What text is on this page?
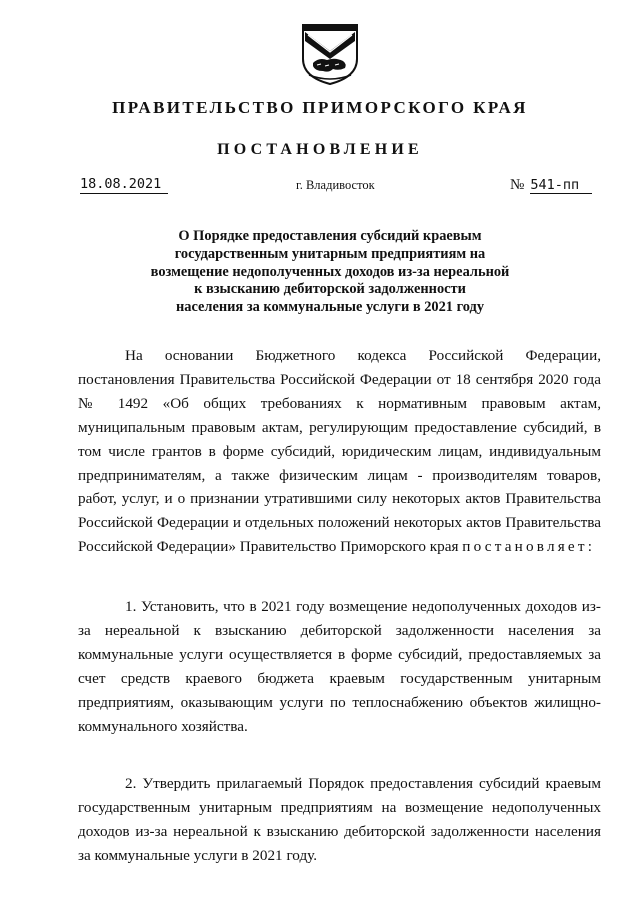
ПРАВИТЕЛЬСТВО ПРИМОРСКОГО КРАЯ
ПОСТАНОВЛЕНИЕ
18.08.2021	г. Владивосток	№ 541-пп
О Порядке предоставления субсидий краевым
государственным унитарным предприятиям на
возмещение недополученных доходов из-за нереальной
к взысканию дебиторской задолженности
населения за коммунальные услуги в 2021 году

На основании Бюджетного кодекса Российской Федерации, постановления Правительства Российской Федерации от 18 сентября 2020 года № 1492 «Об общих требованиях к нормативным правовым актам, муниципальным правовым актам, регулирующим предоставление субсидий, в том числе грантов в форме субсидий, юридическим лицам, индивидуальным предпринимателям, а также физическим лицам - производителям товаров, работ, услуг, и о признании утратившими силу некоторых актов Правительства Российской Федерации и отдельных положений некоторых актов Правительства Российской Федерации» Правительство Приморского края постановляет:

1. Установить, что в 2021 году возмещение недополученных доходов из-за нереальной к взысканию дебиторской задолженности населения за коммунальные услуги осуществляется в форме субсидий, предоставляемых за счет средств краевого бюджета краевым государственным унитарным предприятиям, оказывающим услуги по теплоснабжению объектов жилищно-коммунального хозяйства.

2. Утвердить прилагаемый Порядок предоставления субсидий краевым государственным унитарным предприятиям на возмещение недополученных доходов из-за нереальной к взысканию дебиторской задолженности населения за коммунальные услуги в 2021 году.
